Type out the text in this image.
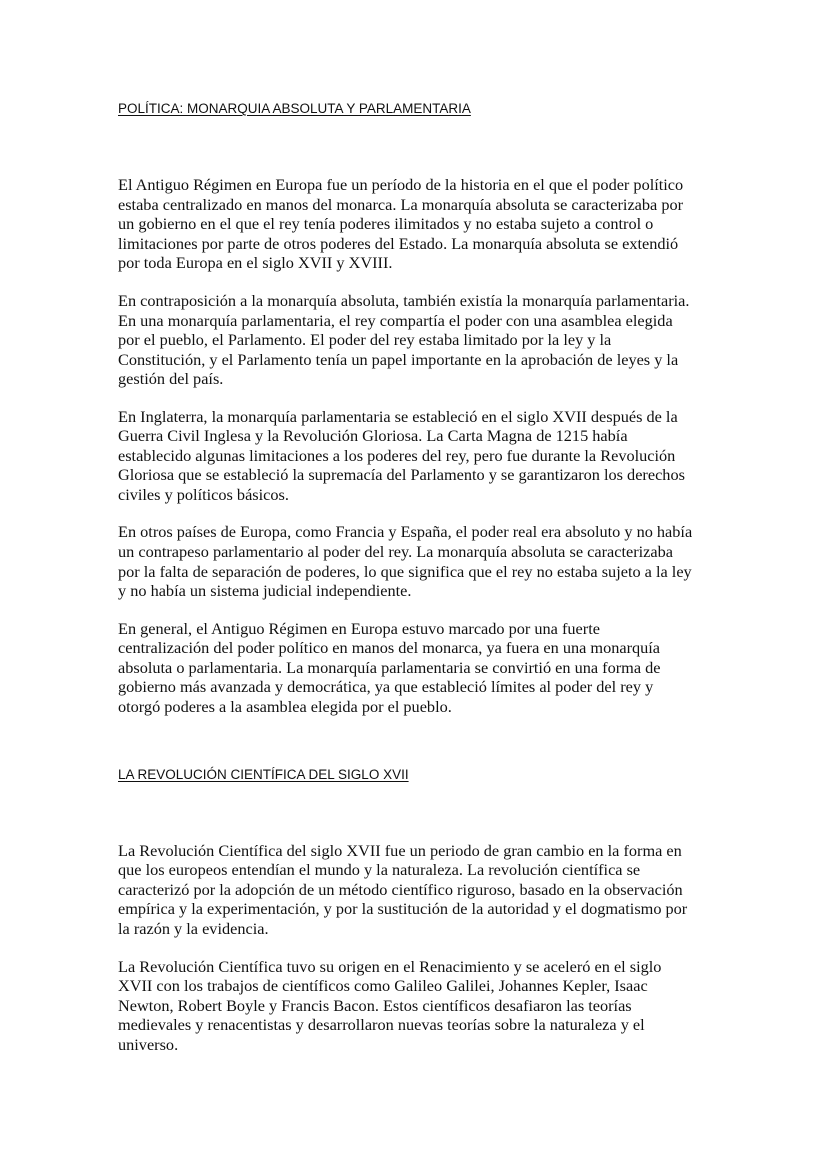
POLÍTICA: MONARQUIA ABSOLUTA Y PARLAMENTARIA

El Antiguo Régimen en Europa fue un período de la historia en el que el poder político

estaba centralizado en manos del monarca. La monarquía absoluta se caracterizaba por

un gobierno en el que el rey tenía poderes ilimitados y no estaba sujeto a control o

limitaciones por parte de otros poderes del Estado. La monarquía absoluta se extendió

por toda Europa en el siglo XVII y XVIII.

En contraposición a la monarquía absoluta, también existía la monarquía parlamentaria.

En una monarquía parlamentaria, el rey compartía el poder con una asamblea elegida

por el pueblo, el Parlamento. El poder del rey estaba limitado por la ley y la

Constitución, y el Parlamento tenía un papel importante en la aprobación de leyes y la

gestión del país.

En Inglaterra, la monarquía parlamentaria se estableció en el siglo XVII después de la

Guerra Civil Inglesa y la Revolución Gloriosa. La Carta Magna de 1215 había

establecido algunas limitaciones a los poderes del rey, pero fue durante la Revolución

Gloriosa que se estableció la supremacía del Parlamento y se garantizaron los derechos

civiles y políticos básicos.

En otros países de Europa, como Francia y España, el poder real era absoluto y no había

un contrapeso parlamentario al poder del rey. La monarquía absoluta se caracterizaba

por la falta de separación de poderes, lo que significa que el rey no estaba sujeto a la ley

y no había un sistema judicial independiente.

En general, el Antiguo Régimen en Europa estuvo marcado por una fuerte

centralización del poder político en manos del monarca, ya fuera en una monarquía

absoluta o parlamentaria. La monarquía parlamentaria se convirtió en una forma de

gobierno más avanzada y democrática, ya que estableció límites al poder del rey y

otorgó poderes a la asamblea elegida por el pueblo.

LA REVOLUCIÓN CIENTÍFICA DEL SIGLO XVII

La Revolución Científica del siglo XVII fue un periodo de gran cambio en la forma en

que los europeos entendían el mundo y la naturaleza. La revolución científica se

caracterizó por la adopción de un método científico riguroso, basado en la observación

empírica y la experimentación, y por la sustitución de la autoridad y el dogmatismo por

la razón y la evidencia.

La Revolución Científica tuvo su origen en el Renacimiento y se aceleró en el siglo

XVII con los trabajos de científicos como Galileo Galilei, Johannes Kepler, Isaac

Newton, Robert Boyle y Francis Bacon. Estos científicos desafiaron las teorías

medievales y renacentistas y desarrollaron nuevas teorías sobre la naturaleza y el

universo.
